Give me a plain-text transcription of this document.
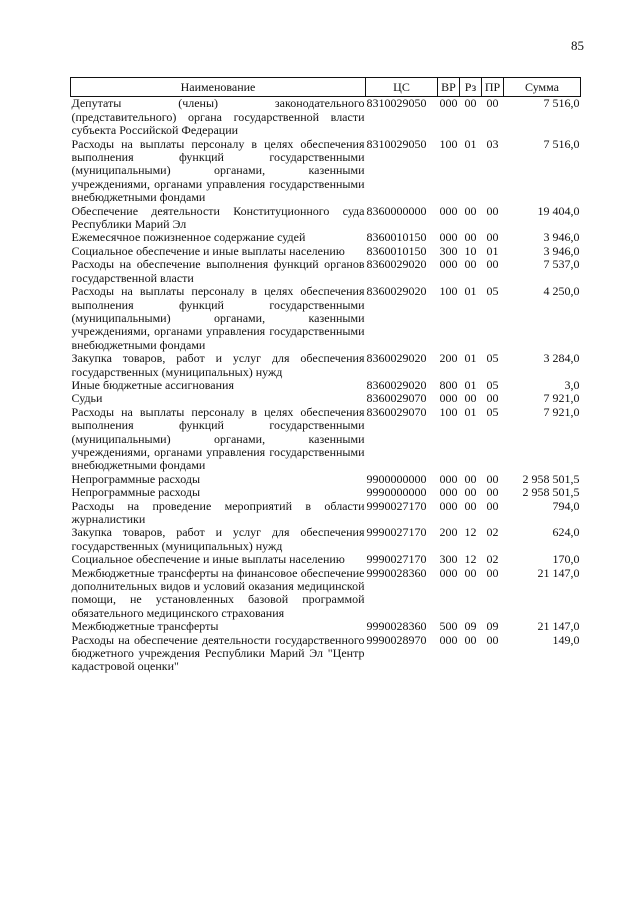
85
Наименование	ЦС	ВР	Рз	ПР	Сумма
Депутаты (члены) законодательного (представительного) органа государственной власти субъекта Российской Федерации	8310029050	000	00	00	7 516,0
Расходы на выплаты персоналу в целях обеспечения выполнения функций государственными (муниципальными) органами, казенными учреждениями, органами управления государственными внебюджетными фондами	8310029050	100	01	03	7 516,0
Обеспечение деятельности Конституционного суда Республики Марий Эл	8360000000	000	00	00	19 404,0
Ежемесячное пожизненное содержание судей	8360010150	000	00	00	3 946,0
Социальное обеспечение и иные выплаты населению	8360010150	300	10	01	3 946,0
Расходы на обеспечение выполнения функций органов государственной власти	8360029020	000	00	00	7 537,0
Расходы на выплаты персоналу в целях обеспечения выполнения функций государственными (муниципальными) органами, казенными учреждениями, органами управления государственными внебюджетными фондами	8360029020	100	01	05	4 250,0
Закупка товаров, работ и услуг для обеспечения государственных (муниципальных) нужд	8360029020	200	01	05	3 284,0
Иные бюджетные ассигнования	8360029020	800	01	05	3,0
Судьи	8360029070	000	00	00	7 921,0
Расходы на выплаты персоналу в целях обеспечения выполнения функций государственными (муниципальными) органами, казенными учреждениями, органами управления государственными внебюджетными фондами	8360029070	100	01	05	7 921,0
Непрограммные расходы	9900000000	000	00	00	2 958 501,5
Непрограммные расходы	9990000000	000	00	00	2 958 501,5
Расходы на проведение мероприятий в области журналистики	9990027170	000	00	00	794,0
Закупка товаров, работ и услуг для обеспечения государственных (муниципальных) нужд	9990027170	200	12	02	624,0
Социальное обеспечение и иные выплаты населению	9990027170	300	12	02	170,0
Межбюджетные трансферты на финансовое обеспечение дополнительных видов и условий оказания медицинской помощи, не установленных базовой программой обязательного медицинского страхования	9990028360	000	00	00	21 147,0
Межбюджетные трансферты	9990028360	500	09	09	21 147,0
Расходы на обеспечение деятельности государственного бюджетного учреждения Республики Марий Эл "Центр кадастровой оценки"	9990028970	000	00	00	149,0
